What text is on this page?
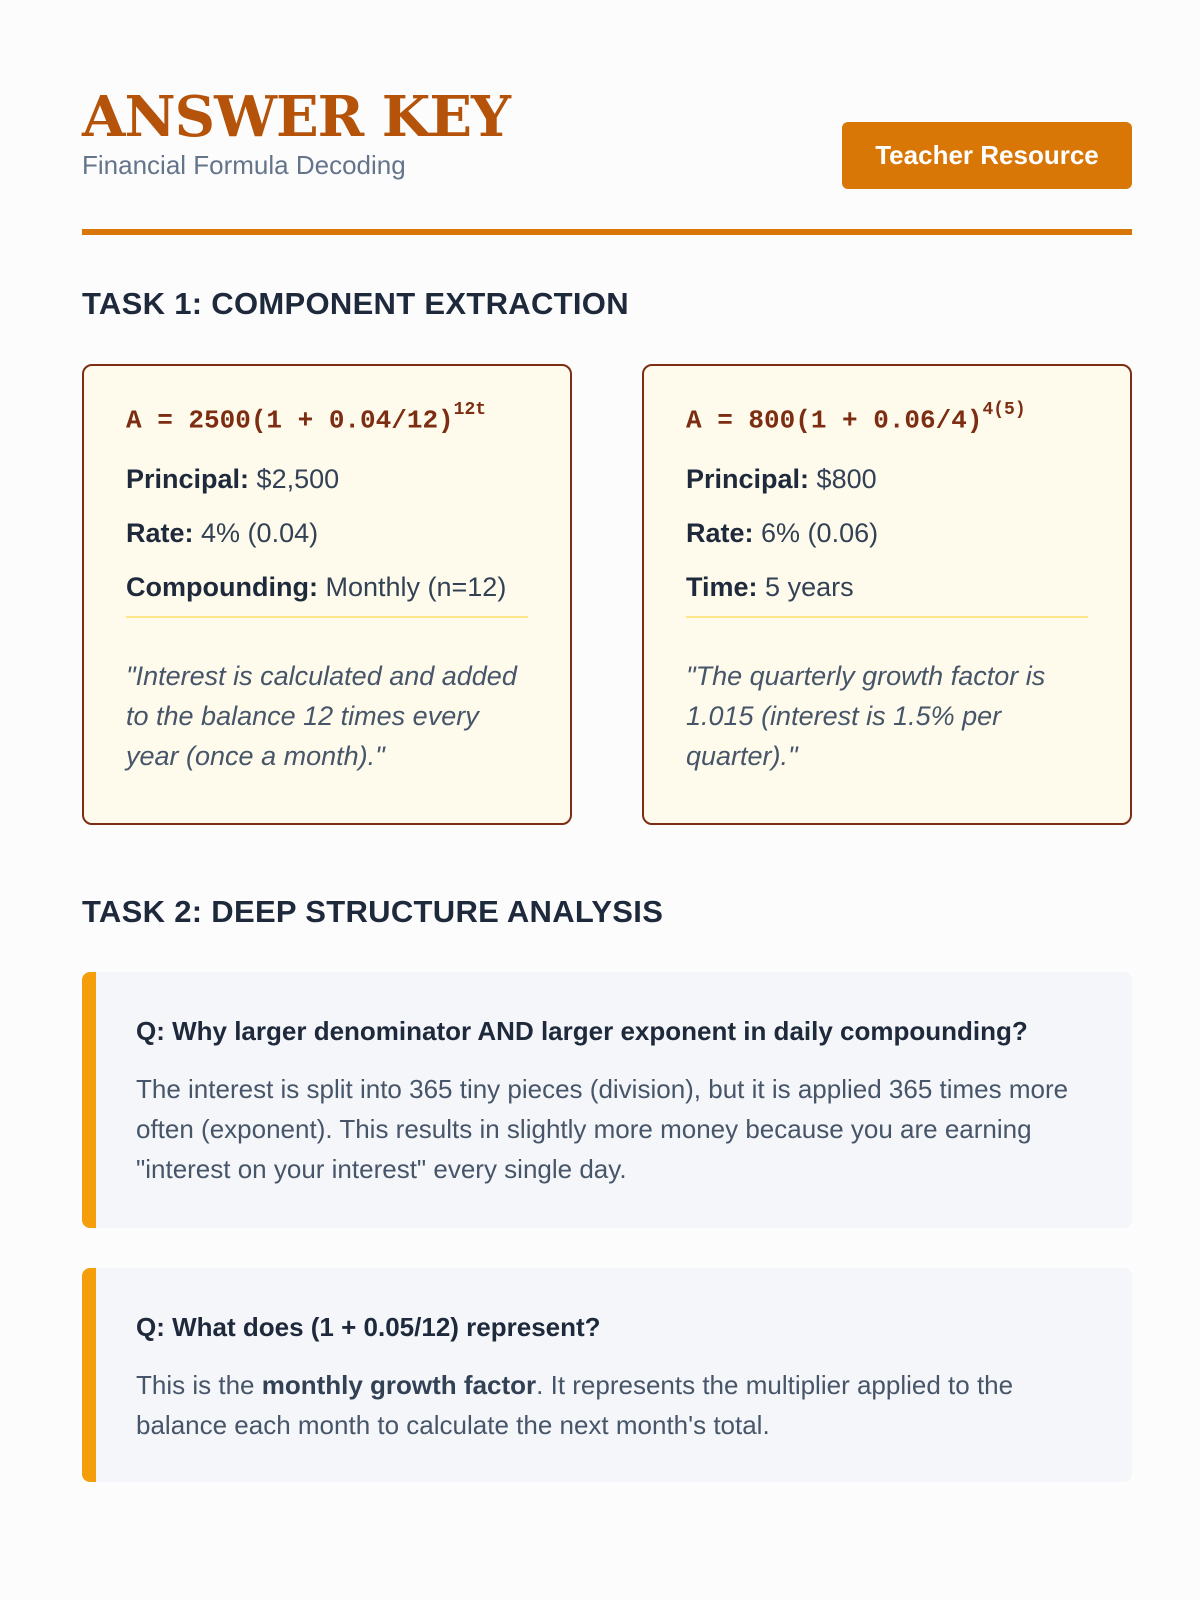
ANSWER KEY
Financial Formula Decoding	Teacher Resource
TASK 1: COMPONENT EXTRACTION
$A = 2500(1 + 0.04/12)^{12t}$
Principal: $2,500
Rate: 4% (0.04)
Compounding: Monthly (n=12)
"Interest is calculated and added to the balance 12 times every year (once a month)."
$A = 800(1 + 0.06/4)^{4(5)}$
Principal: $800
Rate: 6% (0.06)
Time: 5 years
"The quarterly growth factor is 1.015 (interest is 1.5% per quarter)."
TASK 2: DEEP STRUCTURE ANALYSIS
Q: Why larger denominator AND larger exponent in daily compounding?
The interest is split into 365 tiny pieces (division), but it is applied 365 times more often (exponent). This results in slightly more money because you are earning "interest on your interest" every single day.
Q: What does (1 + 0.05/12) represent?
This is the monthly growth factor. It represents the multiplier applied to the balance each month to calculate the next month's total.
